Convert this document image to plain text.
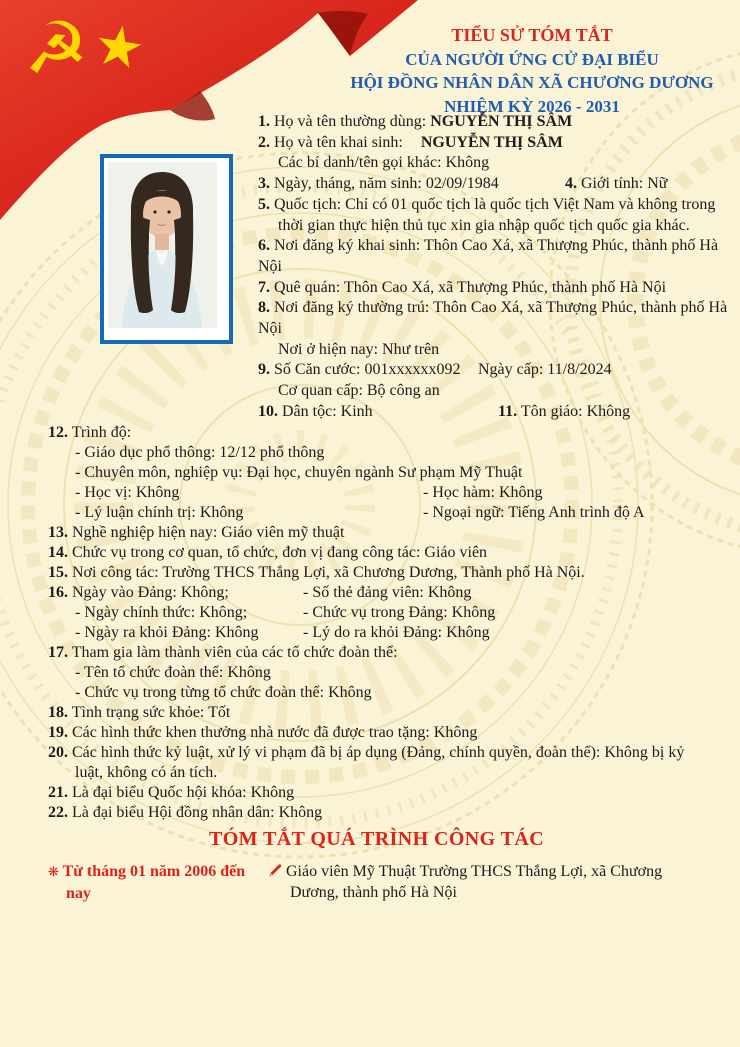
☭ ★	TIỂU SỬ TÓM TẮT
CỦA NGƯỜI ỨNG CỬ ĐẠI BIỂU
HỘI ĐỒNG NHÂN DÂN XÃ CHƯƠNG DƯƠNG
NHIỆM KỲ 2026 - 2031
1. Họ và tên thường dùng: NGUYỄN THỊ SÂM
2. Họ và tên khai sinh: NGUYỄN THỊ SÂM
Các bí danh/tên gọi khác: Không
3. Ngày, tháng, năm sinh: 02/09/1984	4. Giới tính: Nữ
5. Quốc tịch: Chỉ có 01 quốc tịch là quốc tịch Việt Nam và không trong thời gian thực hiện thủ tục xin gia nhập quốc tịch quốc gia khác.
6. Nơi đăng ký khai sinh: Thôn Cao Xá, xã Thượng Phúc, thành phố Hà Nội
7. Quê quán: Thôn Cao Xá, xã Thượng Phúc, thành phố Hà Nội
8. Nơi đăng ký thường trú: Thôn Cao Xá, xã Thượng Phúc, thành phố Hà Nội
Nơi ở hiện nay: Như trên
9. Số Căn cước: 001xxxxxx092 Ngày cấp: 11/8/2024
Cơ quan cấp: Bộ công an
10. Dân tộc: Kinh	11. Tôn giáo: Không
12. Trình độ:
- Giáo dục phổ thông: 12/12 phổ thông
- Chuyên môn, nghiệp vụ: Đại học, chuyên ngành Sư phạm Mỹ Thuật
- Học vị: Không	- Học hàm: Không
- Lý luận chính trị: Không	- Ngoại ngữ: Tiếng Anh trình độ A
13. Nghề nghiệp hiện nay: Giáo viên mỹ thuật
14. Chức vụ trong cơ quan, tổ chức, đơn vị đang công tác: Giáo viên
15. Nơi công tác: Trường THCS Thắng Lợi, xã Chương Dương, Thành phố Hà Nội.
16. Ngày vào Đảng: Không;	- Số thẻ đảng viên: Không
- Ngày chính thức: Không;	- Chức vụ trong Đảng: Không
- Ngày ra khỏi Đảng: Không	- Lý do ra khỏi Đảng: Không
17. Tham gia làm thành viên của các tổ chức đoàn thể:
- Tên tổ chức đoàn thể: Không
- Chức vụ trong từng tổ chức đoàn thể: Không
18. Tình trạng sức khỏe: Tốt
19. Các hình thức khen thưởng nhà nước đã được trao tặng: Không
20. Các hình thức kỷ luật, xử lý vi phạm đã bị áp dụng (Đảng, chính quyền, đoàn thể): Không bị kỷ luật, không có án tích.
21. Là đại biểu Quốc hội khóa: Không
22. Là đại biểu Hội đồng nhân dân: Không
TÓM TẮT QUÁ TRÌNH CÔNG TÁC
❋ Từ tháng 01 năm 2006 đến nay
Giáo viên Mỹ Thuật Trường THCS Thắng Lợi, xã Chương Dương, thành phố Hà Nội
